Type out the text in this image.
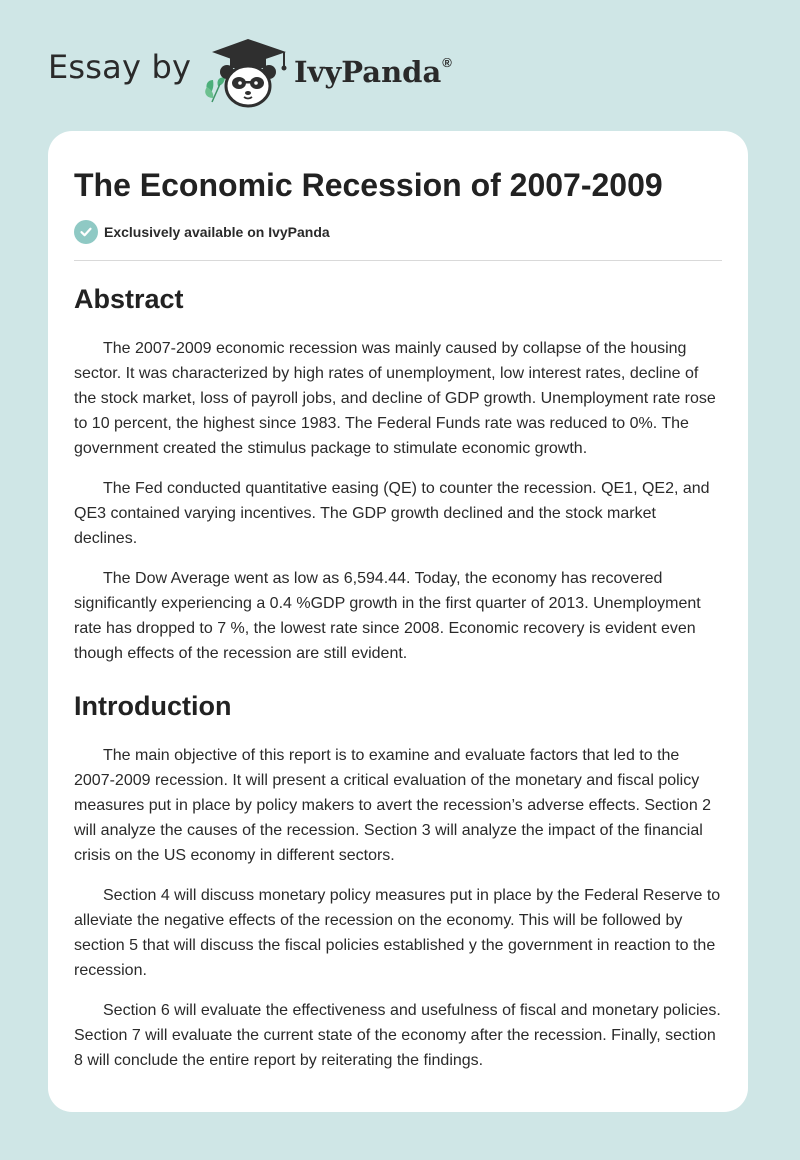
Essay by	IvyPanda®
The Economic Recession of 2007-2009
Exclusively available on IvyPanda
Abstract

The 2007-2009 economic recession was mainly caused by collapse of the housing sector. It was characterized by high rates of unemployment, low interest rates, decline of the stock market, loss of payroll jobs, and decline of GDP growth. Unemployment rate rose to 10 percent, the highest since 1983. The Federal Funds rate was reduced to 0%. The government created the stimulus package to stimulate economic growth.

The Fed conducted quantitative easing (QE) to counter the recession. QE1, QE2, and QE3 contained varying incentives. The GDP growth declined and the stock market declines.

The Dow Average went as low as 6,594.44. Today, the economy has recovered significantly experiencing a 0.4 %GDP growth in the first quarter of 2013. Unemployment rate has dropped to 7 %, the lowest rate since 2008. Economic recovery is evident even though effects of the recession are still evident.

Introduction

The main objective of this report is to examine and evaluate factors that led to the 2007-2009 recession. It will present a critical evaluation of the monetary and fiscal policy measures put in place by policy makers to avert the recession’s adverse effects. Section 2 will analyze the causes of the recession. Section 3 will analyze the impact of the financial crisis on the US economy in different sectors.

Section 4 will discuss monetary policy measures put in place by the Federal Reserve to alleviate the negative effects of the recession on the economy. This will be followed by section 5 that will discuss the fiscal policies established y the government in reaction to the recession.

Section 6 will evaluate the effectiveness and usefulness of fiscal and monetary policies. Section 7 will evaluate the current state of the economy after the recession. Finally, section 8 will conclude the entire report by reiterating the findings.
